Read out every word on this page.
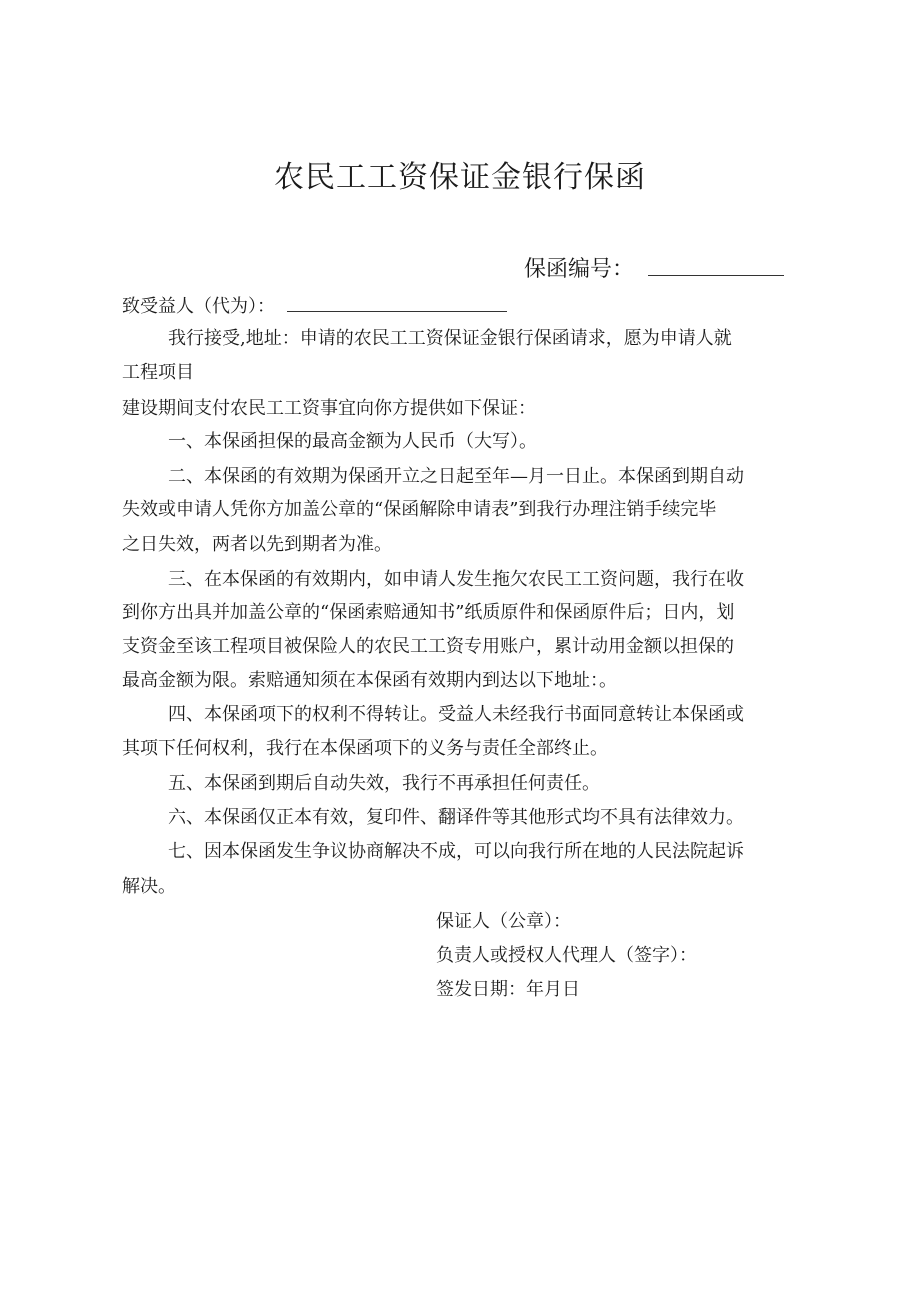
农民工工资保证金银行保函
保函编号：
致受益人（代为）：
我行接受,地址：申请的农民工工资保证金银行保函请求，愿为申请人就
工程项目
建设期间支付农民工工资事宜向你方提供如下保证：
一、本保函担保的最高金额为人民币（大写）。
二、本保函的有效期为保函开立之日起至年—月一日止。本保函到期自动
失效或申请人凭你方加盖公章的“保函解除申请表”到我行办理注销手续完毕
之日失效，两者以先到期者为准。
三、在本保函的有效期内，如申请人发生拖欠农民工工资问题，我行在收
到你方出具并加盖公章的“保函索赔通知书”纸质原件和保函原件后；日内，划
支资金至该工程项目被保险人的农民工工资专用账户，累计动用金额以担保的
最高金额为限。索赔通知须在本保函有效期内到达以下地址：。
四、本保函项下的权利不得转让。受益人未经我行书面同意转让本保函或
其项下任何权利，我行在本保函项下的义务与责任全部终止。
五、本保函到期后自动失效，我行不再承担任何责任。
六、本保函仅正本有效，复印件、翻译件等其他形式均不具有法律效力。
七、因本保函发生争议协商解决不成，可以向我行所在地的人民法院起诉
解决。
保证人（公章）：
负责人或授权人代理人（签字）：
签发日期：年月日
